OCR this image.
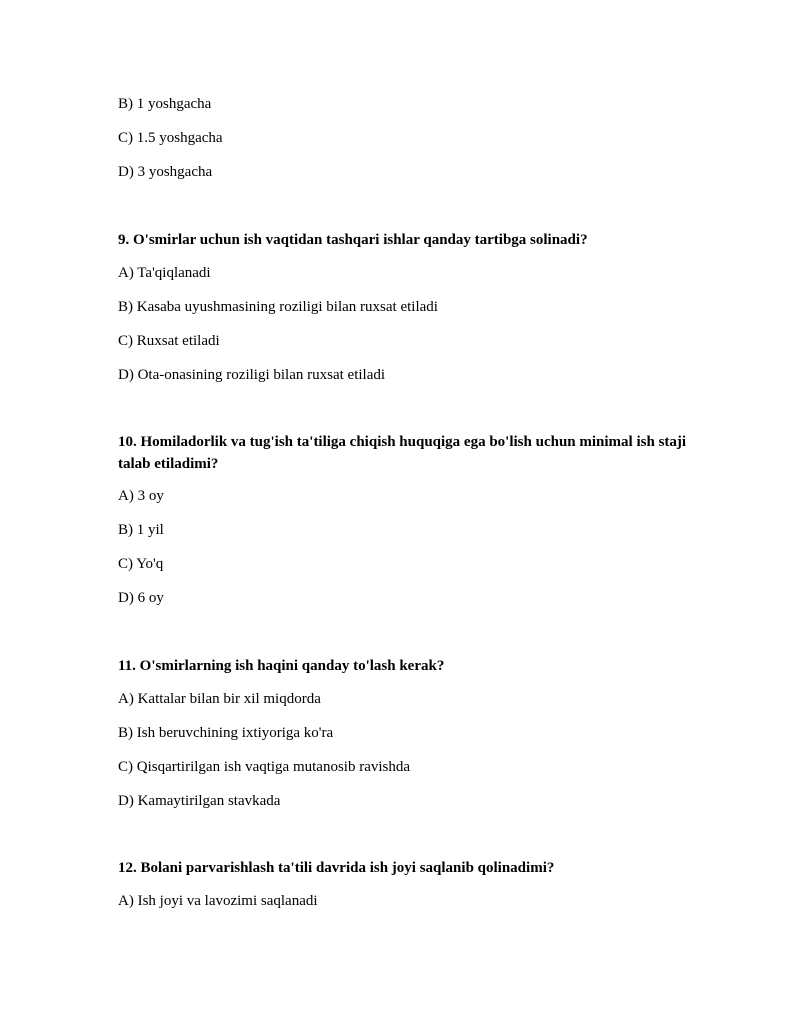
B) 1 yoshgacha
C) 1.5 yoshgacha
D) 3 yoshgacha
9. O'smirlar uchun ish vaqtidan tashqari ishlar qanday tartibga solinadi?
A) Ta'qiqlanadi
B) Kasaba uyushmasining roziligi bilan ruxsat etiladi
C) Ruxsat etiladi
D) Ota-onasining roziligi bilan ruxsat etiladi
10. Homiladorlik va tug'ish ta'tiliga chiqish huquqiga ega bo'lish uchun minimal ish staji talab etiladimi?
A) 3 oy
B) 1 yil
C) Yo'q
D) 6 oy
11. O'smirlarning ish haqini qanday to'lash kerak?
A) Kattalar bilan bir xil miqdorda
B) Ish beruvchining ixtiyoriga ko'ra
C) Qisqartirilgan ish vaqtiga mutanosib ravishda
D) Kamaytirilgan stavkada
12. Bolani parvarishlash ta'tili davrida ish joyi saqlanib qolinadimi?
A) Ish joyi va lavozimi saqlanadi
